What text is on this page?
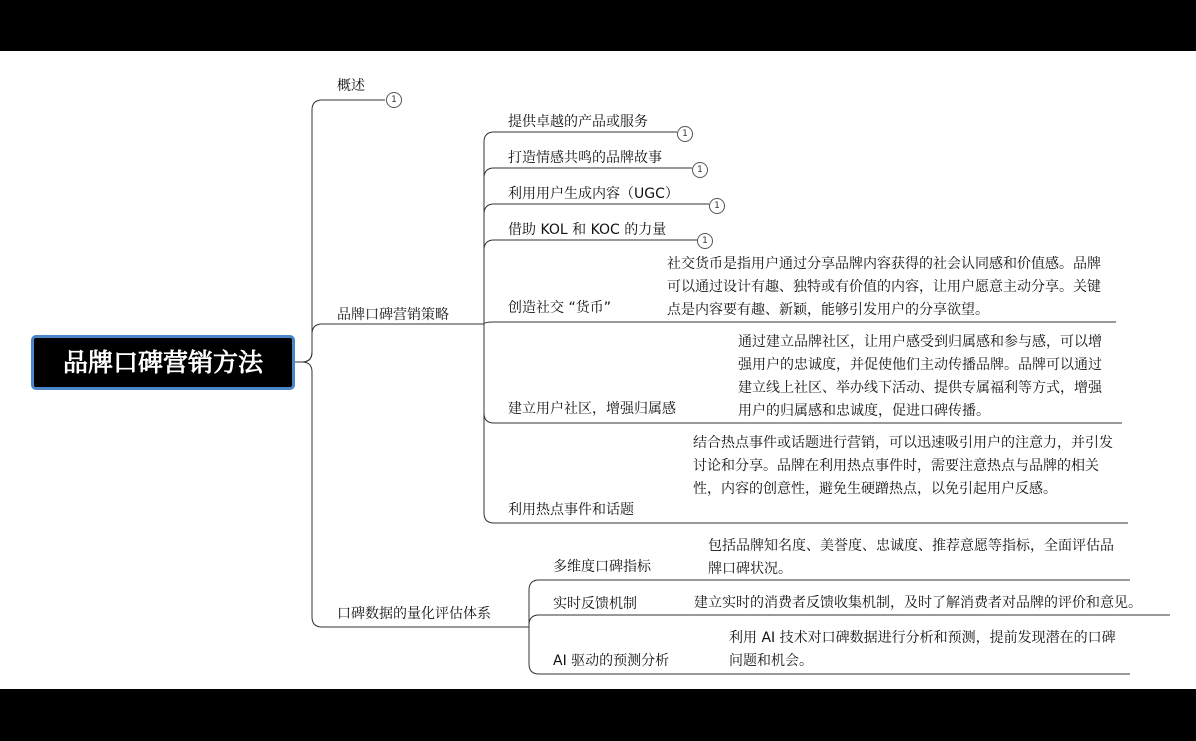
品牌口碑营销方法
概述
1
品牌口碑营销策略
口碑数据的量化评估体系
提供卓越的产品或服务
1
打造情感共鸣的品牌故事
1
利用用户生成内容（UGC）
1
借助 KOL 和 KOC 的力量
1
创造社交 “货币”
社交货币是指用户通过分享品牌内容获得的社会认同感和价值感。品牌可以通过设计有趣、独特或有价值的内容，让用户愿意主动分享。关键点是内容要有趣、新颖，能够引发用户的分享欲望。
建立用户社区，增强归属感
通过建立品牌社区，让用户感受到归属感和参与感，可以增强用户的忠诚度，并促使他们主动传播品牌。品牌可以通过建立线上社区、举办线下活动、提供专属福利等方式，增强用户的归属感和忠诚度，促进口碑传播。
利用热点事件和话题
结合热点事件或话题进行营销，可以迅速吸引用户的注意力，并引发讨论和分享。品牌在利用热点事件时，需要注意热点与品牌的相关性，内容的创意性，避免生硬蹭热点，以免引起用户反感。
多维度口碑指标
包括品牌知名度、美誉度、忠诚度、推荐意愿等指标，全面评估品牌口碑状况。
实时反馈机制	建立实时的消费者反馈收集机制，及时了解消费者对品牌的评价和意见。
AI 驱动的预测分析
利用 AI 技术对口碑数据进行分析和预测，提前发现潜在的口碑问题和机会。
